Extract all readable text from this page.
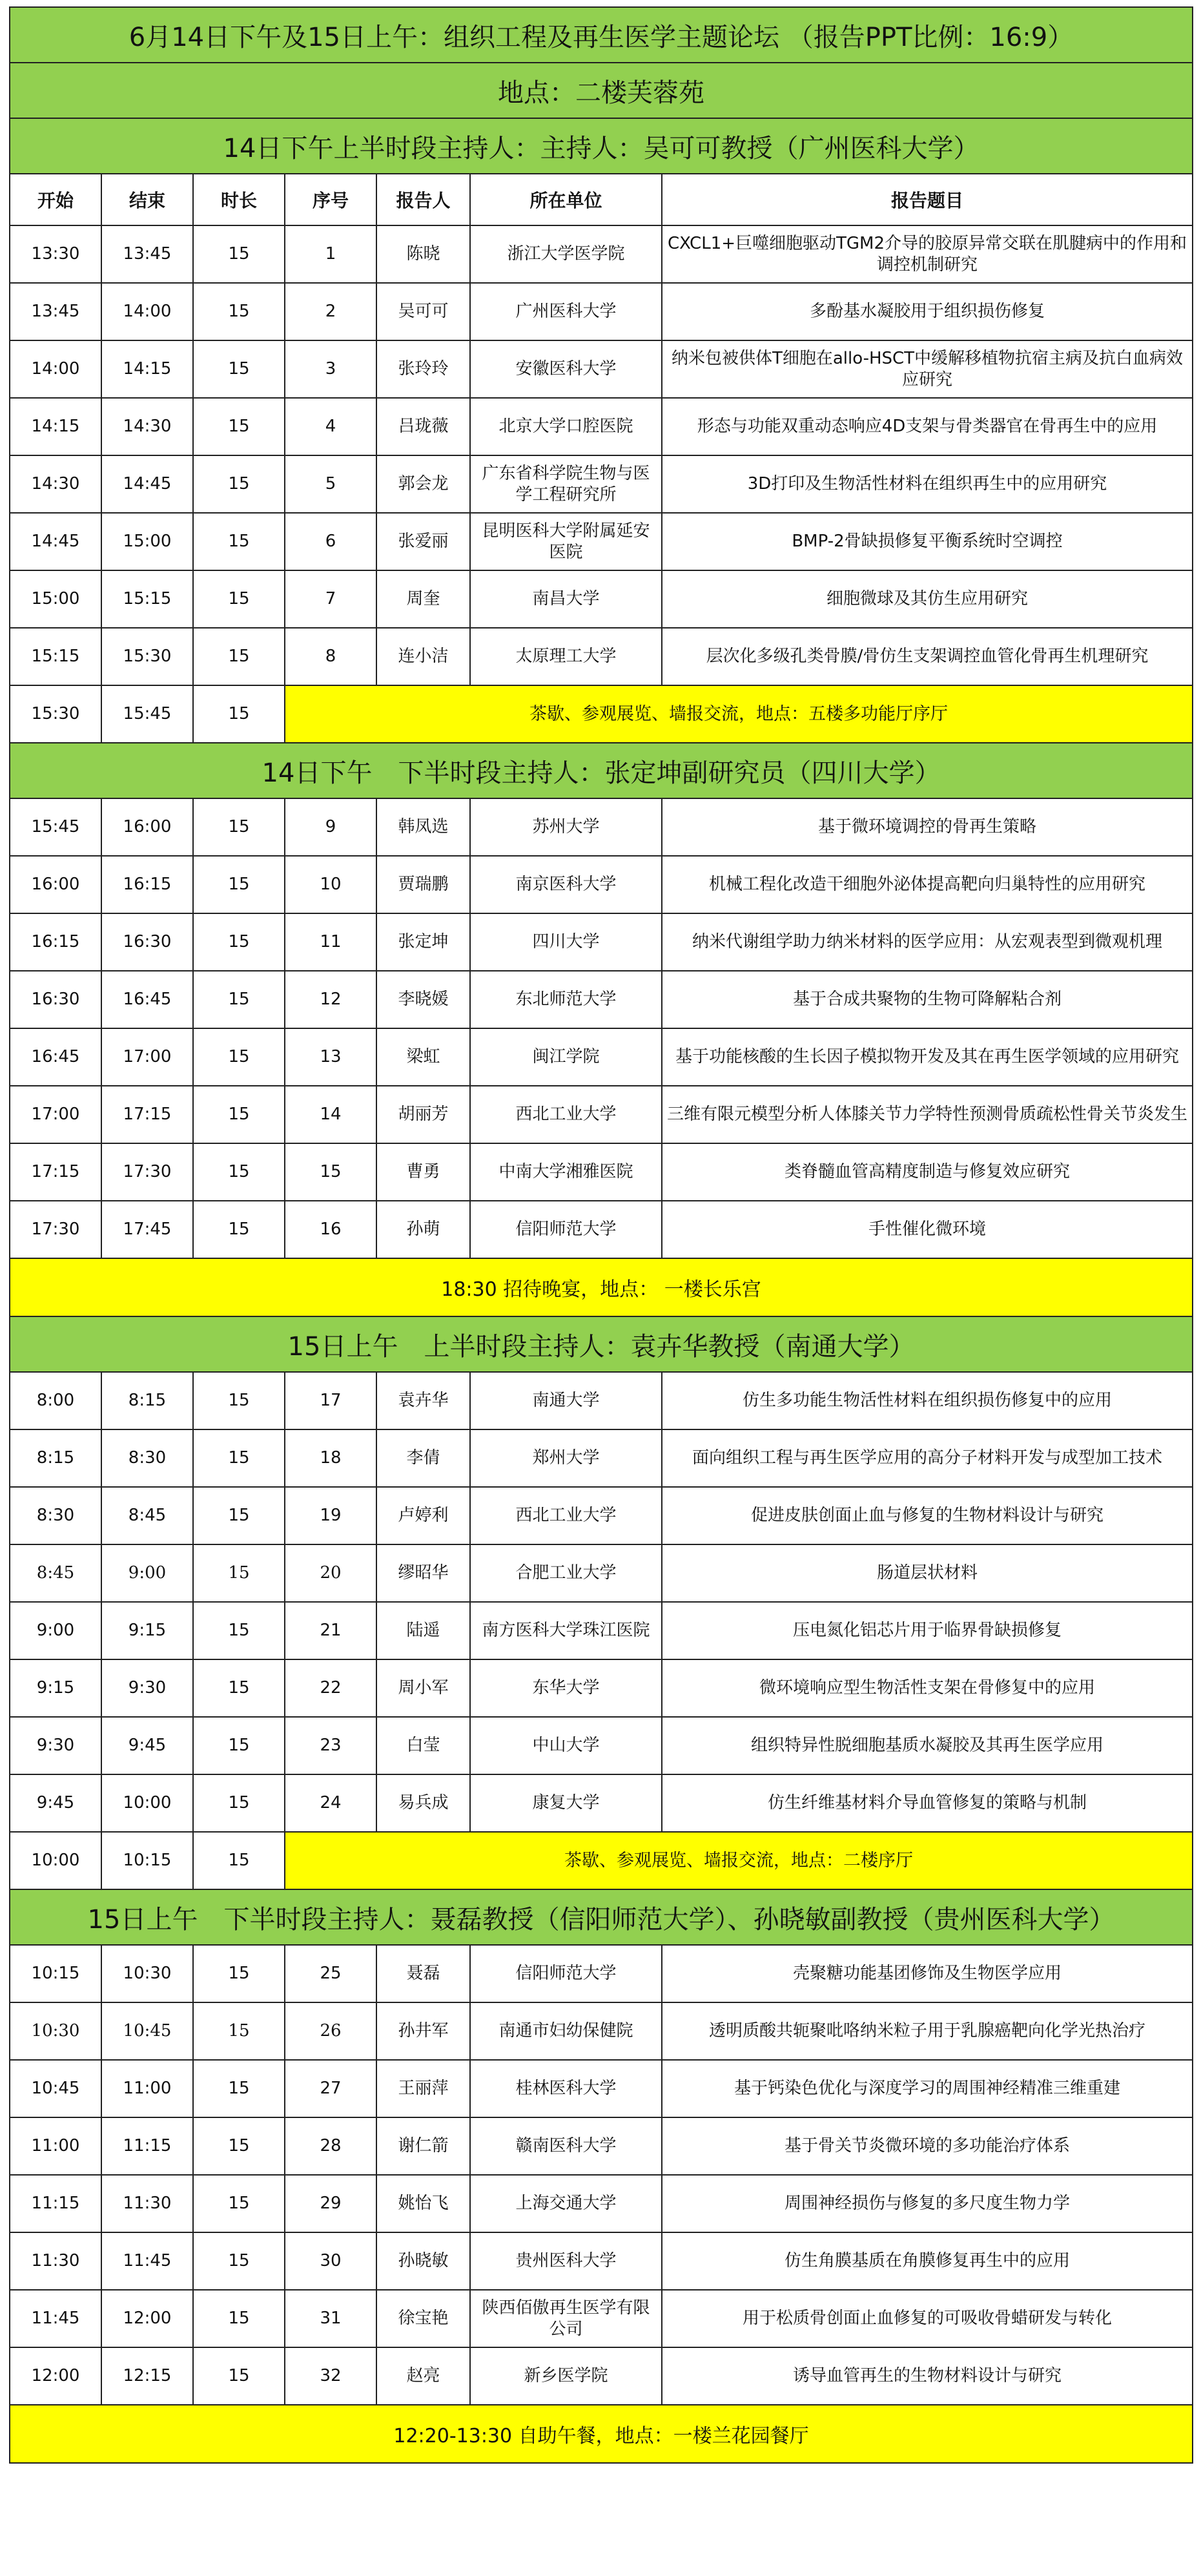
6月14日下午及15日上午：组织工程及再生医学主题论坛 （报告PPT比例：16:9）						
地点：二楼芙蓉苑						
14日下午上半时段主持人：主持人：吴可可教授（广州医科大学）						
开始	结束	时长	序号	报告人	所在单位	报告题目
13:30	13:45	15	1	陈晓	浙江大学医学院	CXCL1+巨噬细胞驱动TGM2介导的胶原异常交联在肌腱病中的作用和调控机制研究
13:45	14:00	15	2	吴可可	广州医科大学	多酚基水凝胶用于组织损伤修复
14:00	14:15	15	3	张玲玲	安徽医科大学	纳米包被供体T细胞在allo-HSCT中缓解移植物抗宿主病及抗白血病效应研究
14:15	14:30	15	4	吕珑薇	北京大学口腔医院	形态与功能双重动态响应4D支架与骨类器官在骨再生中的应用
14:30	14:45	15	5	郭会龙	广东省科学院生物与医学工程研究所	3D打印及生物活性材料在组织再生中的应用研究
14:45	15:00	15	6	张爱丽	昆明医科大学附属延安医院	BMP-2骨缺损修复平衡系统时空调控
15:00	15:15	15	7	周奎	南昌大学	细胞微球及其仿生应用研究
15:15	15:30	15	8	连小洁	太原理工大学	层次化多级孔类骨膜/骨仿生支架调控血管化骨再生机理研究
15:30	15:45	15	茶歇、参观展览、墙报交流，地点：五楼多功能厅序厅			
14日下午　下半时段主持人：张定坤副研究员（四川大学）						
15:45	16:00	15	9	韩凤选	苏州大学	基于微环境调控的骨再生策略
16:00	16:15	15	10	贾瑞鹏	南京医科大学	机械工程化改造干细胞外泌体提高靶向归巢特性的应用研究
16:15	16:30	15	11	张定坤	四川大学	纳米代谢组学助力纳米材料的医学应用：从宏观表型到微观机理
16:30	16:45	15	12	李晓媛	东北师范大学	基于合成共聚物的生物可降解粘合剂
16:45	17:00	15	13	梁虹	闽江学院	基于功能核酸的生长因子模拟物开发及其在再生医学领域的应用研究
17:00	17:15	15	14	胡丽芳	西北工业大学	三维有限元模型分析人体膝关节力学特性预测骨质疏松性骨关节炎发生
17:15	17:30	15	15	曹勇	中南大学湘雅医院	类脊髓血管高精度制造与修复效应研究
17:30	17:45	15	16	孙萌	信阳师范大学	手性催化微环境
18:30 招待晚宴，地点： 一楼长乐宫						
15日上午　上半时段主持人：袁卉华教授（南通大学）						
8:00	8:15	15	17	袁卉华	南通大学	仿生多功能生物活性材料在组织损伤修复中的应用
8:15	8:30	15	18	李倩	郑州大学	面向组织工程与再生医学应用的高分子材料开发与成型加工技术
8:30	8:45	15	19	卢婷利	西北工业大学	促进皮肤创面止血与修复的生物材料设计与研究
8:45	9:00	15	20	缪昭华	合肥工业大学	肠道层状材料
9:00	9:15	15	21	陆遥	南方医科大学珠江医院	压电氮化铝芯片用于临界骨缺损修复
9:15	9:30	15	22	周小军	东华大学	微环境响应型生物活性支架在骨修复中的应用
9:30	9:45	15	23	白莹	中山大学	组织特异性脱细胞基质水凝胶及其再生医学应用
9:45	10:00	15	24	易兵成	康复大学	仿生纤维基材料介导血管修复的策略与机制
10:00	10:15	15	茶歇、参观展览、墙报交流，地点：二楼序厅			
15日上午　下半时段主持人：聂磊教授（信阳师范大学）、孙晓敏副教授（贵州医科大学）						
10:15	10:30	15	25	聂磊	信阳师范大学	壳聚糖功能基团修饰及生物医学应用
10:30	10:45	15	26	孙井军	南通市妇幼保健院	透明质酸共轭聚吡咯纳米粒子用于乳腺癌靶向化学光热治疗
10:45	11:00	15	27	王丽萍	桂林医科大学	基于钙染色优化与深度学习的周围神经精准三维重建
11:00	11:15	15	28	谢仁箭	赣南医科大学	基于骨关节炎微环境的多功能治疗体系
11:15	11:30	15	29	姚怡飞	上海交通大学	周围神经损伤与修复的多尺度生物力学
11:30	11:45	15	30	孙晓敏	贵州医科大学	仿生角膜基质在角膜修复再生中的应用
11:45	12:00	15	31	徐宝艳	陕西佰傲再生医学有限公司	用于松质骨创面止血修复的可吸收骨蜡研发与转化
12:00	12:15	15	32	赵亮	新乡医学院	诱导血管再生的生物材料设计与研究
12:20-13:30 自助午餐，地点：一楼兰花园餐厅						
